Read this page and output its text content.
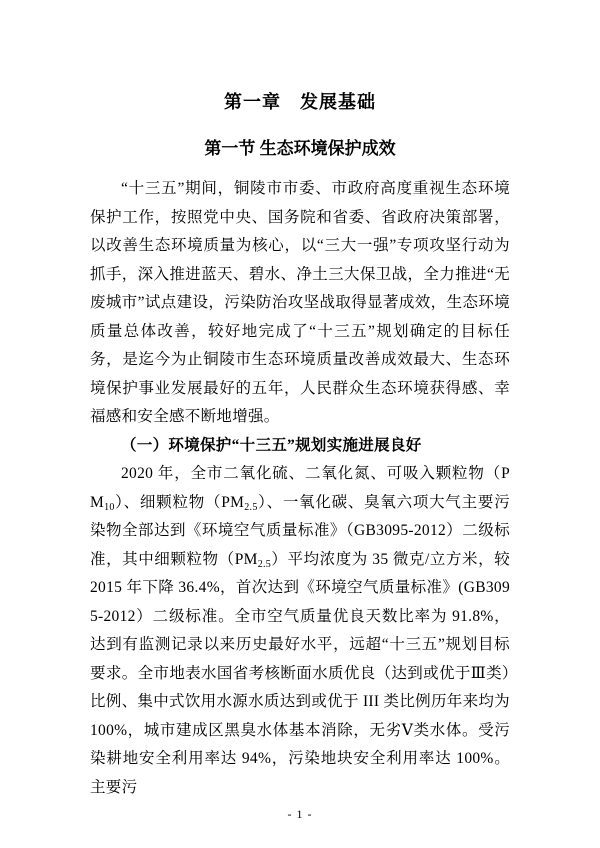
第一章　发展基础
第一节 生态环境保护成效

“十三五”期间，铜陵市市委、市政府高度重视生态环境保护工作，按照党中央、国务院和省委、省政府决策部署，以改善生态环境质量为核心，以“三大一强”专项攻坚行动为抓手，深入推进蓝天、碧水、净土三大保卫战，全力推进“无废城市”试点建设，污染防治攻坚战取得显著成效，生态环境质量总体改善，较好地完成了“十三五”规划确定的目标任务，是迄今为止铜陵市生态环境质量改善成效最大、生态环境保护事业发展最好的五年，人民群众生态环境获得感、幸福感和安全感不断地增强。

（一）环境保护“十三五”规划实施进展良好

2020 年，全市二氧化硫、二氧化氮、可吸入颗粒物$(PM_{10})$、细颗粒物$(PM_{2.5})$、一氧化碳、臭氧六项大气主要污染物全部达到《环境空气质量标准》（GB3095-2012）二级标准，其中细颗粒物$(PM_{2.5})$平均浓度为 35 微克/立方米，较 2015 年下降 36.4%，首次达到《环境空气质量标准》(GB3095-2012）二级标准。全市空气质量优良天数比率为 91.8%，达到有监测记录以来历史最好水平，远超“十三五”规划目标要求。全市地表水国省考核断面水质优良（达到或优于Ⅲ类）比例、集中式饮用水源水质达到或优于 III 类比例历年来均为 100%，城市建成区黑臭水体基本消除，无劣Ⅴ类水体。受污染耕地安全利用率达 94%，污染地块安全利用率达 100%。主要污

- 1 -
